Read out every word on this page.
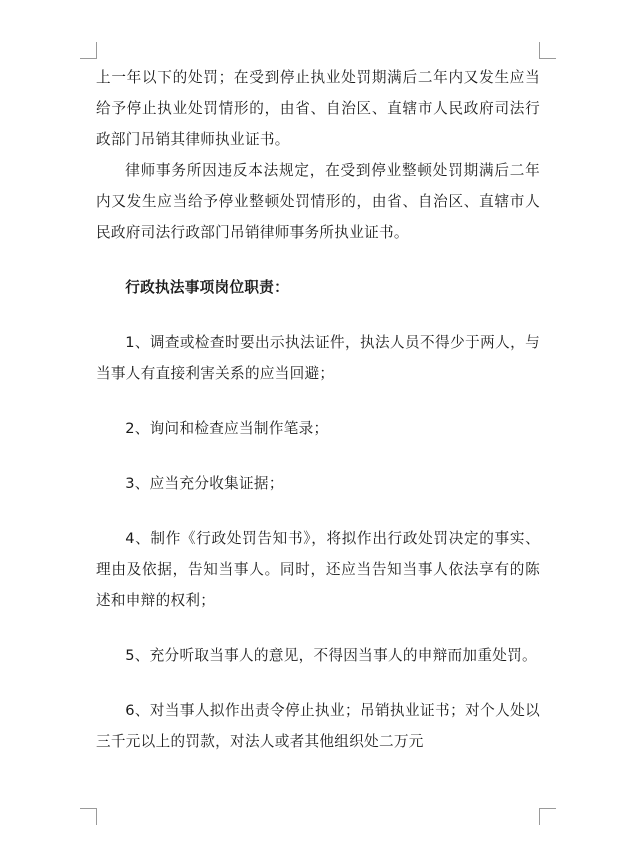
上一年以下的处罚；在受到停止执业处罚期满后二年内又发生应当给予停止执业处罚情形的，由省、自治区、直辖市人民政府司法行政部门吊销其律师执业证书。

律师事务所因违反本法规定，在受到停业整顿处罚期满后二年内又发生应当给予停业整顿处罚情形的，由省、自治区、直辖市人民政府司法行政部门吊销律师事务所执业证书。

行政执法事项岗位职责：

1、调查或检查时要出示执法证件，执法人员不得少于两人，与当事人有直接利害关系的应当回避；

2、询问和检查应当制作笔录；

3、应当充分收集证据；

4、制作《行政处罚告知书》，将拟作出行政处罚决定的事实、理由及依据，告知当事人。同时，还应当告知当事人依法享有的陈述和申辩的权利；

5、充分听取当事人的意见，不得因当事人的申辩而加重处罚。

6、对当事人拟作出责令停止执业；吊销执业证书；对个人处以三千元以上的罚款，对法人或者其他组织处二万元
